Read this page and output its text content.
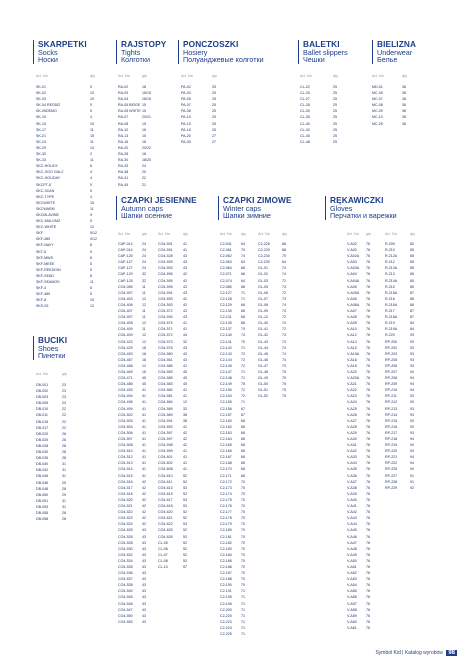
SKARPETKI
Socks
Носки
RAJSTOPY
Tights
Колготки
PONCZOSZKI
Hosiery
Полуанджевые колготки
BALETKI
Ballet slippers
Чешки
BIELIZNA
Underwear
Белье
CZAPKI JESIENNE
Autumn caps
Шапки осенние
CZAPKI ZIMOWE
Winter caps
Шапки зимние
RĘKAWICZKI
Gloves
Перчатки и варежки
BUCIKI
Shoes
Пинетки
Art. No	qty	Art. No	qty	Art. No	qty	Art. No	qty	Art. No	qty
Art. No	qty	Art. No	qty	Art. No qty	Art. No	qty	Art. No qty	Art. No	qty
Art. No	qty
SK-01	5
SK-02	10
SK-03	10
SK-04 REDDIZ	5
SK-05DEMO	5
SK-10	4
SK-15	10
SK-17	11
SK-21	15
SK-24	11
SK-29	14
SK-30	2
SK-33	11
SKC-HOLIDY	6
SKC-GOO GALZ	4
SKC-HOLIDAY	4
SKCPT-5	5
SKC-3CAN	5
SKC-TYPE	4
SKCWHITE	15
SKCWARM	11
SKCMLAVINE	9
SKC-MULGMZ	9
SKC-WHITE	12
SKF	5/12
SKF-485	0/12
SKF-NAVY	8
SKT-5	5
SKF-MWS	8
SKF-MEEE	6
SKF-REEDGIN	5
SKF-SEAD	8
SKF-SEAMOS	11
SKF-4	8
SKF-485	5
SKF-8	10
SKS-03	12
RA-02	18
RA-03	16/15
RA-04	16/15
RA-05 BEIGE 15
RA-05 WHITE 15
RA-07	20/21
RA-08	15
RA-10	16
RA-13	15
RA-16	16
RA-20	20/22
RA-28	18
RA-30	18/20
RA-33	24
RA-38	20
RA-41	22
RA-45	21
PA-02	25
PA-03	25
PA-05	25
PA-07	25
PA-08	25
PA-10	25
PA-15	25
PA-16	25
PA-20	27
PA-30	27
CL-22	25
CL-25	25
CL-27	25
CL-28	25
CL-30	25
CL-35	25
CL-40	25
CL-42	25
CL-45	25
CL-48	25
MD-01	36
MC-05	36
MC-07	36
MC-08	36
MC-09	36
MC-10	36
MC-25	36
CAP-014	24	CO4-591	41
CAP-014	24	CO4-591	41
CAP-125	24	CO4-528	43
CAP-127	24	CO4-593	43
CAP-127	24	CO4-593	43
CAP-129	32	CO4-596	42
CAP-125	32	CO4-595	42
CO4-065	11	CO4-595	43
CO4-407	11	CO4-591	43
CO4-403	12	CO4-593	42
CO4-406	12	CO4-593	42
CO4-407	11	CO4-572	43
CO4-407	11	CO4-594	43
CO4-408	12	CO4-574	41
CO4-409	11	CO4-571	41
CO4-409	12	CO4-572	44
CO4-423	12	CO4-573	32
CO4-429	18	CO4-576	43
CO4-453	18	CO4-560	43
CO4-467	18	CO4-561	43
CO4-468	12	CO4-585	41
CO4-469	16	CO4-583	45
CO4-471	45	CO4-585	45
CO4-486	45	CO4-583	45
CO4-493	41	CO4-580	41
CO4-494	41	CO4-581	41
CO4-496	41	CO4-584	12
CO4-499	41	CO4-589	32
CO4-502	41	CO4-589	38
CO4-503	41	CO4-591	38
CO4-504	41	CO4-592	41
CO4-506	41	CO4-597	42
CO4-507	41	CO4-597	42
CO4-508	41	CO4-598	42
CO4-510	41	CO4-599	41
CO4-512	41	CO4-601	41
CO4-513	41	CO4-602	41
CO4-514	41	CO4-608	41
CO4-515	41	CO4-610	52
CO4-516	42	CO4-611	52
CO4-517	42	CO4-613	53
CO4-518	42	CO4-615	52
CO4-520	42	CO4-617	53
CO4-521	42	CO4-618	53
CO4-522	42	CO4-620	52
CO4-523	42	CO4-621	52
CO4-524	42	CO4-622	53
CO4-525	43	CO4-625	52
CO4-526	43	CO4-626	53
CO4-528	43	CL-05	52
CO4-530	43	CL-06	52
CO4-532	43	CL-07	52
CO4-534	43	CL-08	52
CO4-535	43	CL-10	57
CO4-536	43
CO4-537	43
CO4-538	43
CO4-540	43
CO4-545	43
CO4-546	43
CO4-547	43
CO4-550	43
CO4-553	43
C2-041	64	C2-226	68
C2-061	70	C2-229	68
C2-062	74	C2-230	70
C2-063	63	C2-230	64
C2-064	68	GL-01	74
C2-071	68	GL-02	74
C2-074	64	GL-03	72
C2-080	68	GL-05	74
C2-127	71	GL-06	72
C2-128	71	GL-07	73
C2-129	68	GL-08	74
C2-130	68	GL-09	74
C2-131	68	GL-12	72
C2-135	68	GL-40	74
C2-137	70	GL-41	72
C2-140	74	GL-42	74
C2-141	70	GL-43	73
C2-142	71	GL-44	74
C2-143	72	GL-45	74
C2-144	72	GL-46	74
C2-145	72	GL-47	73
C2-147	71	GL-48	75
C2-148	71	GL-49	75
C2-149	75	GL-50	75
C2-150	72	GL-51	75
C2-154	72	GL-52	75
C2-155	71
C2-156	67
C2-157	67
C2-160	68
C2-162	68
C2-163	68
C2-164	68
C2-165	68
C2-166	68
C2-167	68
C2-168	68
C2-170	68
C2-171	68
C2-172	70
C2-173	70
C2-174	70
C2-175	70
C2-176	70
C2-177	70
C2-178	70
C2-179	70
C2-180	70
C2-181	70
C2-182	70
C2-183	70
C2-184	70
C2-185	70
C2-186	70
C2-187	70
C2-188	70
C2-190	70
C2-191	71
C2-195	71
C2-196	71
C2-200	71
C2-220	71
C2-223	71
C2-224	71
C2-225	71
V-A02	76	R-209	83
V-A02	76	R-210	85
V-A02A 76	R-212A	85
V-A03	76	R-212	85
V-A03A 76	R-213A	85
V-A04	76	R-213	85
V-A04A 76	R-214A	85
V-A05	76	R-215	85
V-A05A 76	R-215A	87
V-A06	76	R-216	86
V-A06A 76	R-216A	86
V-A07	76	R-217	87
V-A08	76	R-218A	87
V-A09	76	R-219	84
V-A10	76	R-219A	84
V-A12	76	R-220	93
V-A13	76	RP-200	93
V-A15	76	RP-202	93
V-A15A 76	RP-203	93
V-A16	76	RP-205	93
V-A18	76	RP-206	93
V-A20	76	RP-207	94
V-A20A 76	RP-208	94
V-A21	76	RP-209	94
V-A22	76	RP-210	94
V-A23	76	RP-211	93
V-A24	76	RP-212	93
V-A25	76	RP-213	93
V-A26	76	RP-214	93
V-A27	76	RP-215	93
V-A28	76	RP-216	93
V-A29	76	RP-217	93
V-A30	76	RP-218	94
V-A31	76	RP-219	94
V-A32	76	RP-220	94
V-A33	76	RP-221	94
V-A34	76	RP-222	94
V-A35	76	RP-225	94
V-A36	76	RP-227	91
V-A37	76	RP-228	91
V-A38	76	RP-229	92
V-A39	76
V-A40	76
V-A41	76
V-A42	76
V-A43	76
V-A44	76
V-A45	76
V-A46	76
V-A47	76
V-A48	76
V-A49	76
V-A50	76
V-A51	76
V-A52	76
V-A53	76
V-A54	76
V-A55	76
V-A56	76
V-A57	76
V-A58	76
V-A59	76
V-A60	76
V-A61	76
DB-001	23
DB-002	23
DB-003	23
DB-005	23
DB-010	22
DB-011	22
DB-015	22
DB-017	22
DB-020	26
DB-025	26
DB-028	28
DB-030	28
DB-035	28
DB-040	31
DB-042	31
DB-045	31
DB-046	29
DB-048	28
DB-050	29
DB-051	31
DB-053	31
DB-055	28
DB-058	28
Symbol Kid | Katalog wyrobów 98
